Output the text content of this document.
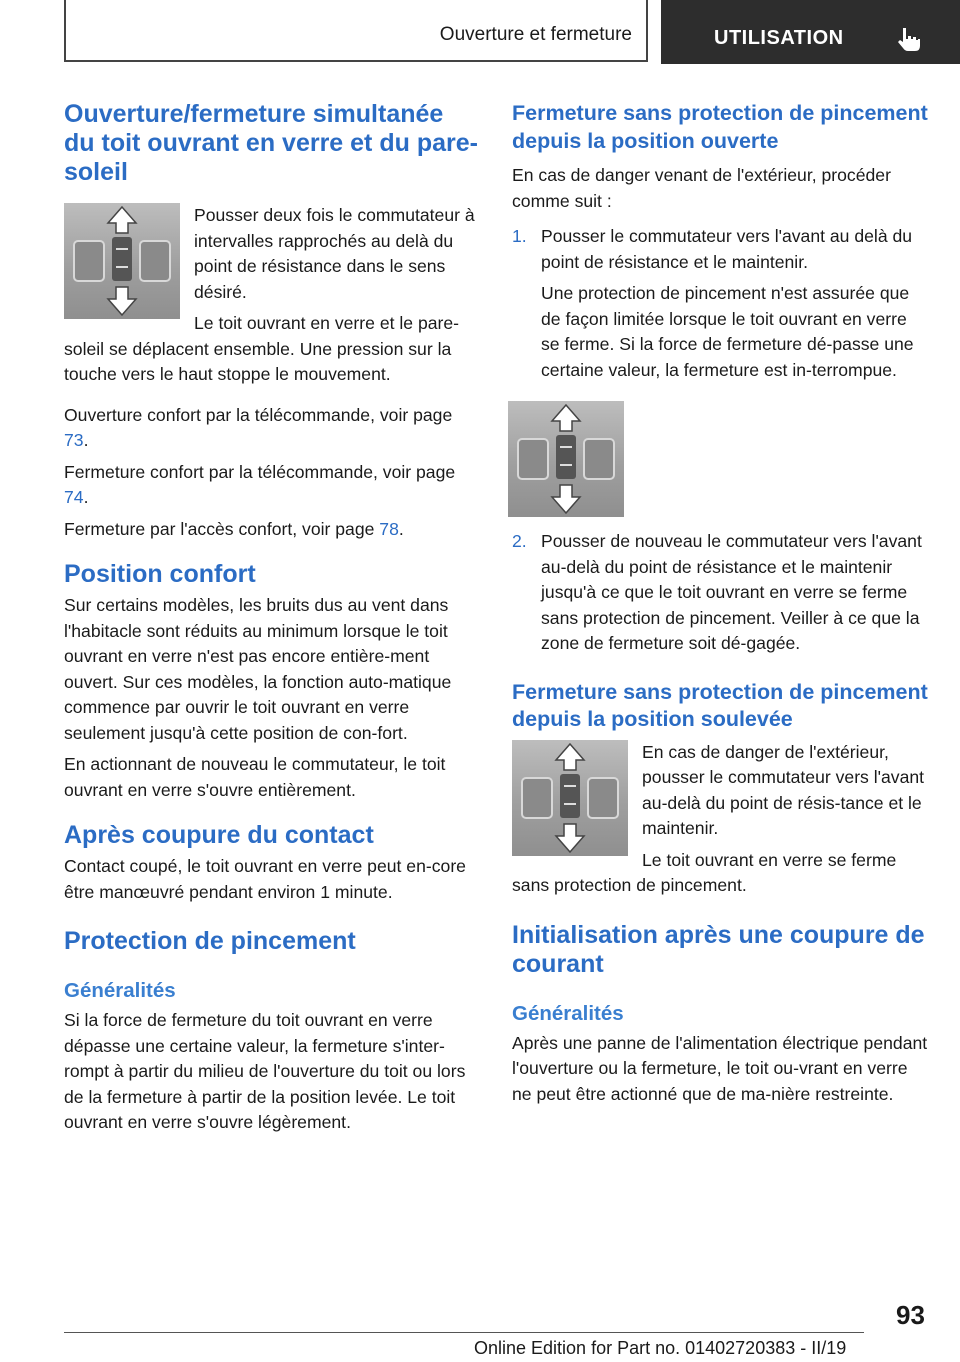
Ouverture et fermeture	UTILISATION
Ouverture/fermeture simultanée du toit ouvrant en verre et du pare-soleil

Pousser deux fois le commutateur à intervalles rapprochés au delà du point de résistance dans le sens désiré.

Le toit ouvrant en verre et le pare-soleil se déplacent ensemble. Une pression sur la touche vers le haut stoppe le mouvement.

Ouverture confort par la télécommande, voir page 73.

Fermeture confort par la télécommande, voir page 74.

Fermeture par l'accès confort, voir page 78.

Position confort

Sur certains modèles, les bruits dus au vent dans l'habitacle sont réduits au minimum lorsque le toit ouvrant en verre n'est pas encore entière-ment ouvert. Sur ces modèles, la fonction auto-matique commence par ouvrir le toit ouvrant en verre seulement jusqu'à cette position de con-fort.

En actionnant de nouveau le commutateur, le toit ouvrant en verre s'ouvre entièrement.

Après coupure du contact

Contact coupé, le toit ouvrant en verre peut en-core être manœuvré pendant environ 1 minute.

Protection de pincement
Généralités

Si la force de fermeture du toit ouvrant en verre dépasse une certaine valeur, la fermeture s'inter-rompt à partir du milieu de l'ouverture du toit ou lors de la fermeture à partir de la position levée. Le toit ouvrant en verre s'ouvre légèrement.

Fermeture sans protection de pincement depuis la position ouverte

En cas de danger venant de l'extérieur, procéder comme suit :

1. Pousser le commutateur vers l'avant au delà du point de résistance et le maintenir.

Une protection de pincement n'est assurée que de façon limitée lorsque le toit ouvrant en verre se ferme. Si la force de fermeture dé-passe une certaine valeur, la fermeture est in-terrompue.

2. Pousser de nouveau le commutateur vers l'avant au-delà du point de résistance et le maintenir jusqu'à ce que le toit ouvrant en verre se ferme sans protection de pincement. Veiller à ce que la zone de fermeture soit dé-gagée.

Fermeture sans protection de pincement depuis la position soulevée

En cas de danger de l'extérieur, pousser le commutateur vers l'avant au-delà du point de résis-tance et le maintenir.

Le toit ouvrant en verre se ferme sans protection de pincement.

Initialisation après une coupure de courant
Généralités

Après une panne de l'alimentation électrique pendant l'ouverture ou la fermeture, le toit ou-vrant en verre ne peut être actionné que de ma-nière restreinte.

93
Online Edition for Part no. 01402720383 - II/19
